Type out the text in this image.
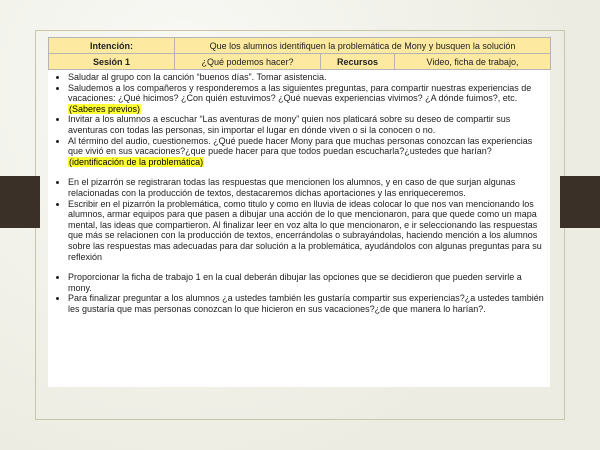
Intención:	Que los alumnos identifiquen la problemática de Mony y busquen la solución		
Sesión 1	¿Qué podemos hacer?	Recursos	Video, ficha de trabajo,
• Saludar al grupo con la canción “buenos días”. Tomar asistencia.
• Saludemos a los compañeros y responderemos a las siguientes preguntas, para compartir nuestras experiencias de vacaciones: ¿Qué hicimos? ¿Con quién estuvimos? ¿Qué nuevas experiencias vivimos? ¿A dónde fuimos?, etc. (Saberes previos)
• Invitar a los alumnos a escuchar “Las aventuras de mony” quien nos platicará sobre su deseo de compartir sus aventuras con todas las personas, sin importar el lugar en dónde viven o si la conocen o no.
• Al término del audio, cuestionemos. ¿Qué puede hacer Mony para que muchas personas conozcan las experiencias que vivió en sus vacaciones?¿que puede hacer para que todos puedan escucharla?¿ustedes que harían? (identificación de la problemática)
• En el pizarrón se registraran todas las respuestas que mencionen los alumnos, y en caso de que surjan algunas relacionadas con la producción de textos, destacaremos dichas aportaciones y las enriqueceremos.
• Escribir en el pizarrón la problemática, como titulo y como en lluvia de ideas colocar lo que nos van mencionando los alumnos, armar equipos para que pasen a dibujar una acción de lo que mencionaron, para que quede como un mapa mental, las ideas que compartieron. Al finalizar leer en voz alta lo que mencionaron, e ir seleccionando las respuestas que más se relacionen con la producción de textos, encerrándolas o subrayándolas, haciendo mención a los alumnos sobre las respuestas mas adecuadas para dar solución a la problemática, ayudándolos con algunas preguntas para su reflexión
• Proporcionar la ficha de trabajo 1 en la cual deberán dibujar las opciones que se decidieron que pueden servirle a mony.
• Para finalizar preguntar a los alumnos ¿a ustedes también les gustaría compartir sus experiencias?¿a ustedes también les gustaría que mas personas conozcan lo que hicieron en sus vacaciones?¿de que manera lo harían?.
